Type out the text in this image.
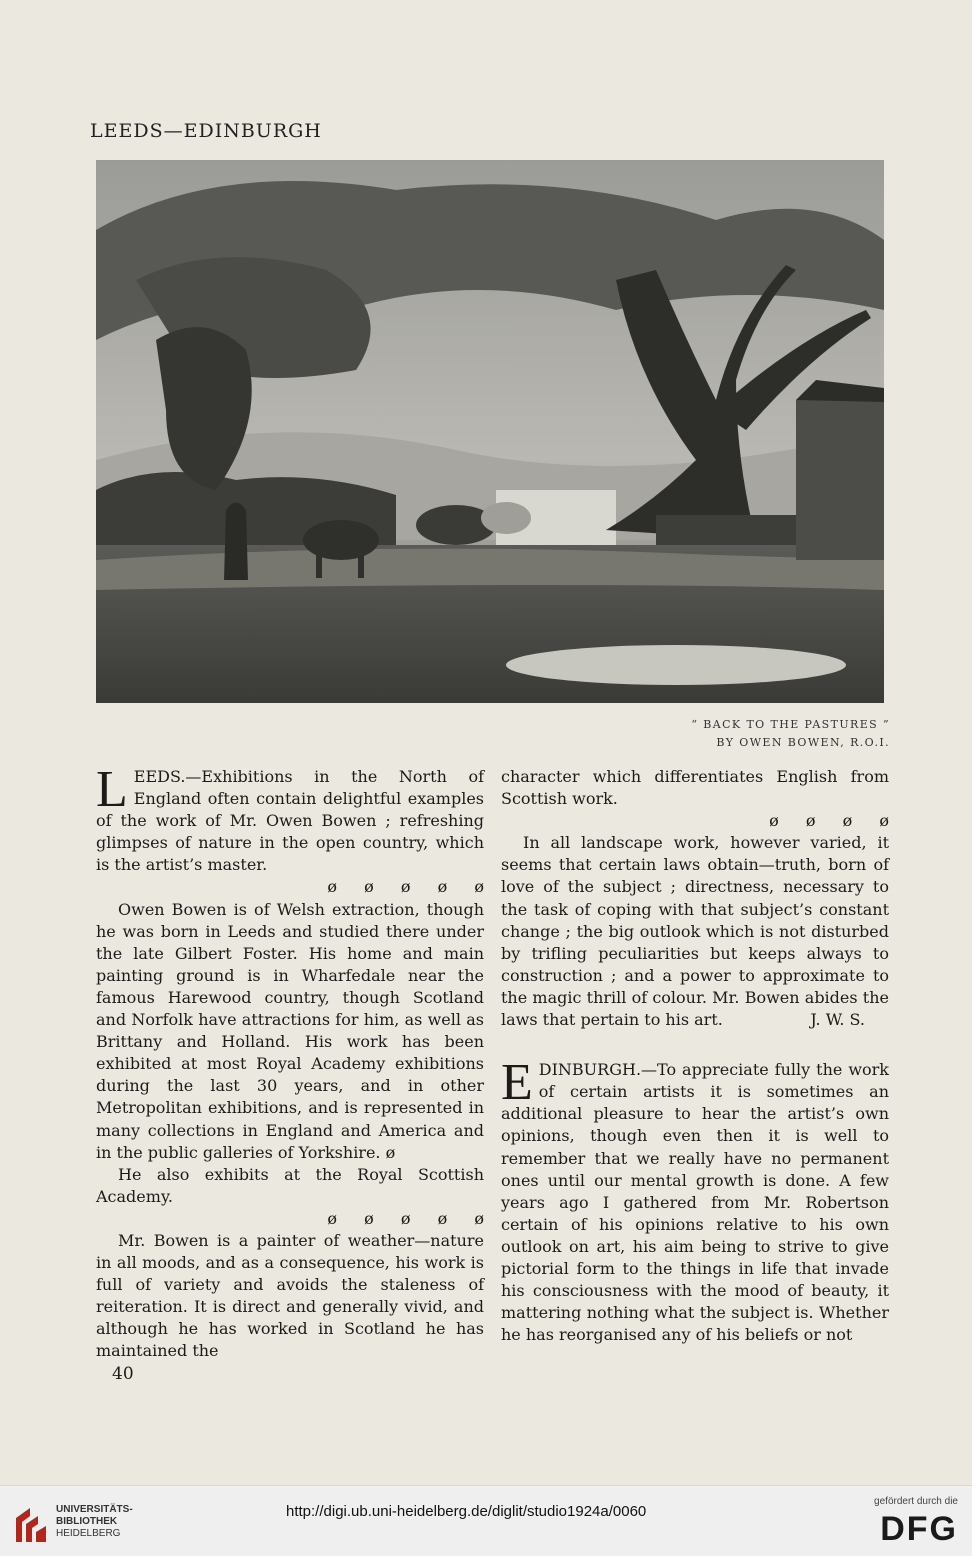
LEEDS—EDINBURGH
“ BACK TO THE PASTURES ”
BY OWEN BOWEN, R.O.I.

LEEDS.—Exhibitions in the North of England often contain delightful examples of the work of Mr. Owen Bowen ; refreshing glimpses of nature in the open country, which is the artist’s master.
ø ø ø ø ø

Owen Bowen is of Welsh extraction, though he was born in Leeds and studied there under the late Gilbert Foster. His home and main painting ground is in Wharfedale near the famous Harewood country, though Scotland and Norfolk have attractions for him, as well as Brittany and Holland. His work has been exhibited at most Royal Academy exhibitions during the last 30 years, and in other Metropolitan exhibitions, and is represented in many collections in England and America and in the public galleries of Yorkshire. ø

He also exhibits at the Royal Scottish Academy.
ø ø ø ø ø

Mr. Bowen is a painter of weather—nature in all moods, and as a consequence, his work is full of variety and avoids the staleness of reiteration. It is direct and generally vivid, and although he has worked in Scotland he has maintained the

character which differentiates English from Scottish work.
ø ø ø ø

In all landscape work, however varied, it seems that certain laws obtain—truth, born of love of the subject ; directness, necessary to the task of coping with that subject’s constant change ; the big outlook which is not disturbed by trifling peculiarities but keeps always to construction ; and a power to approximate to the magic thrill of colour. Mr. Bowen abides the laws that pertain to his art.	J. W. S.

EDINBURGH.—To appreciate fully the work of certain artists it is sometimes an additional pleasure to hear the artist’s own opinions, though even then it is well to remember that we really have no permanent ones until our mental growth is done. A few years ago I gathered from Mr. Robertson certain of his opinions relative to his own outlook on art, his aim being to strive to give pictorial form to the things in life that invade his consciousness with the mood of beauty, it mattering nothing what the subject is. Whether he has reorganised any of his beliefs or not

40
UNIVERSITÄTS-
BIBLIOTHEK
HEIDELBERG
http://digi.ub.uni-heidelberg.de/diglit/studio1924a/0060
gefördert durch die
DFG
